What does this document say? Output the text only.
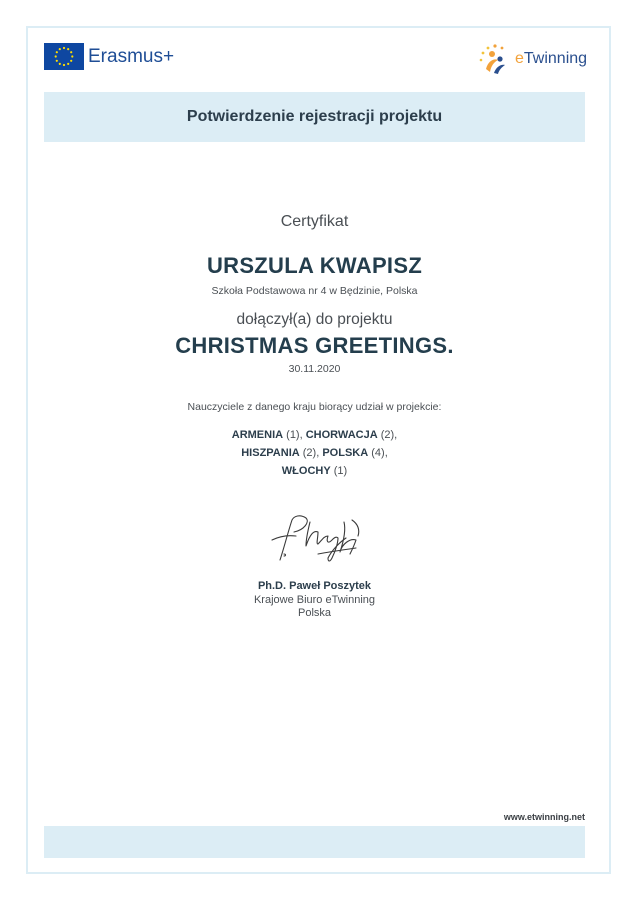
Erasmus+	eTwinning
Potwierdzenie rejestracji projektu
Certyfikat
URSZULA KWAPISZ
Szkoła Podstawowa nr 4 w Będzinie, Polska
dołączył(a) do projektu
CHRISTMAS GREETINGS.
30.11.2020
Nauczyciele z danego kraju biorący udział w projekcie:
ARMENIA (1), CHORWACJA (2),
HISZPANIA (2), POLSKA (4),
WŁOCHY (1)
Ph.D. Paweł Poszytek
Krajowe Biuro eTwinning
Polska
www.etwinning.net
